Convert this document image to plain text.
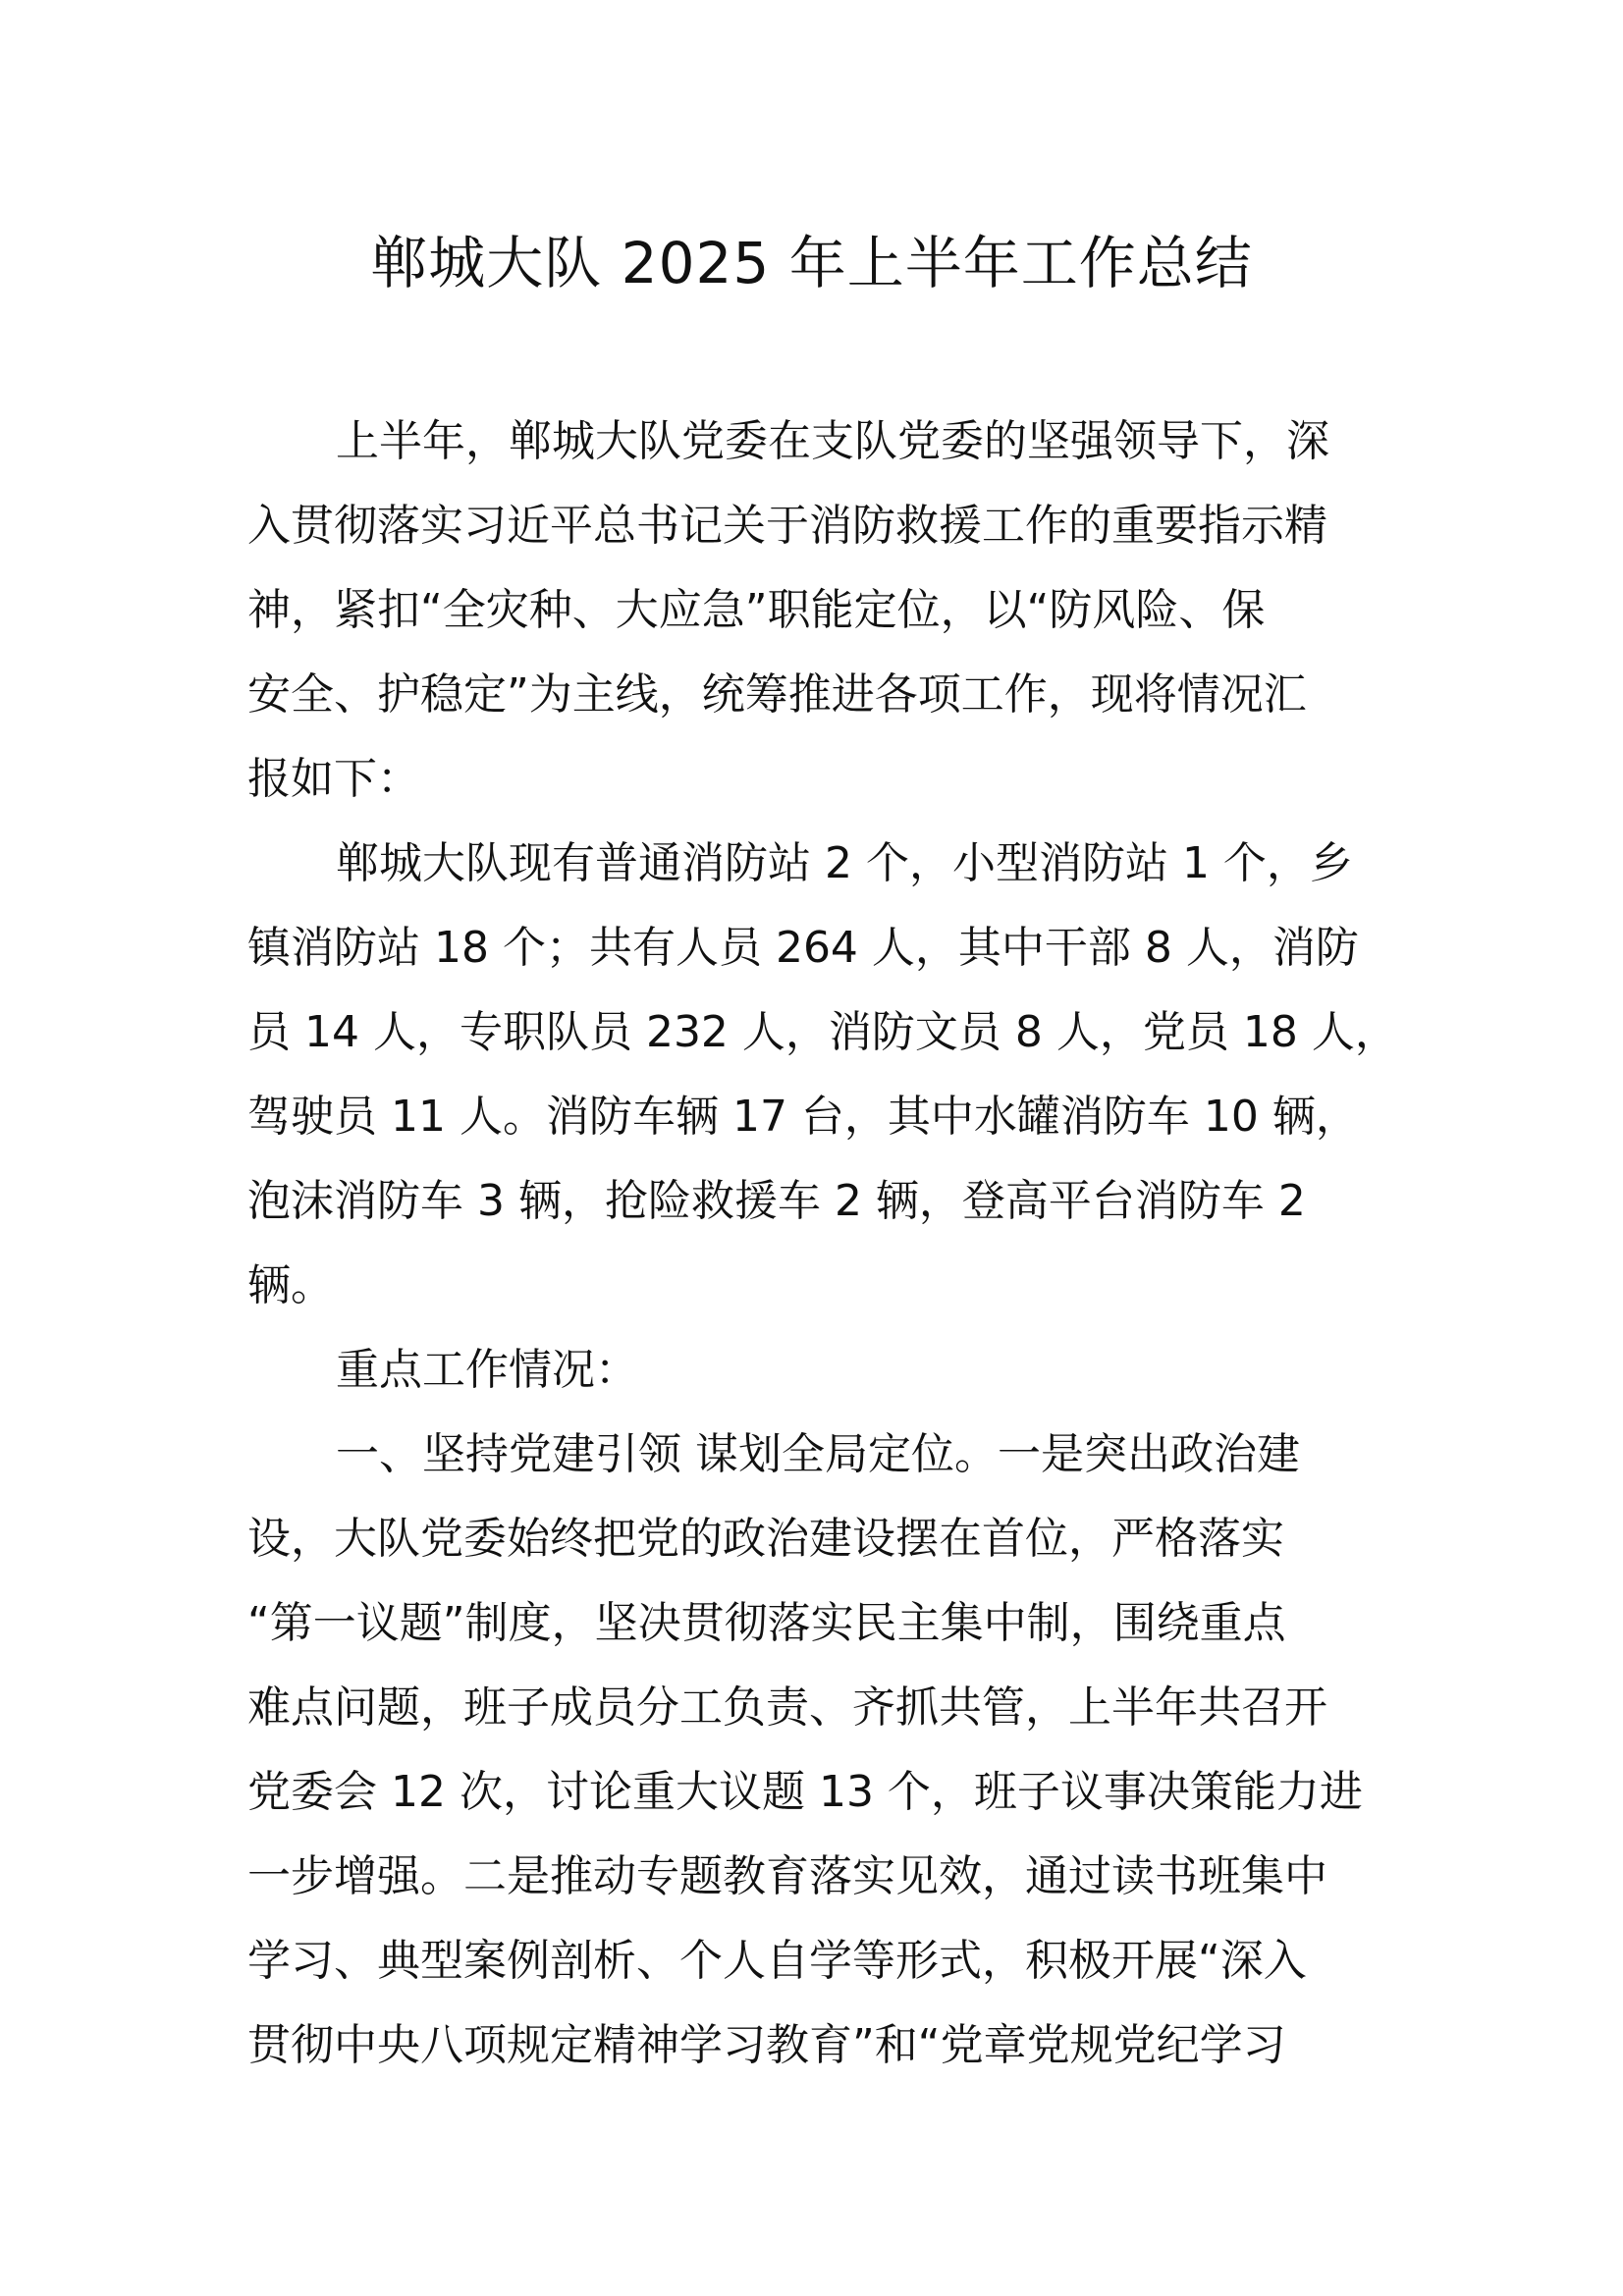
郸城大队 2025 年上半年工作总结

上半年，郸城大队党委在支队党委的坚强领导下，深

入贯彻落实习近平总书记关于消防救援工作的重要指示精

神，紧扣“全灾种、大应急”职能定位，以“防风险、保

安全、护稳定”为主线，统筹推进各项工作，现将情况汇

报如下：

郸城大队现有普通消防站 2 个，小型消防站 1 个，乡

镇消防站 18 个；共有人员 264 人，其中干部 8 人，消防

员 14 人，专职队员 232 人，消防文员 8 人，党员 18 人，

驾驶员 11 人。消防车辆 17 台，其中水罐消防车 10 辆，

泡沫消防车 3 辆，抢险救援车 2 辆，登高平台消防车 2

辆。

重点工作情况：

一、坚持党建引领 谋划全局定位。一是突出政治建

设，大队党委始终把党的政治建设摆在首位，严格落实

“第一议题”制度，坚决贯彻落实民主集中制，围绕重点

难点问题，班子成员分工负责、齐抓共管，上半年共召开

党委会 12 次，讨论重大议题 13 个，班子议事决策能力进

一步增强。二是推动专题教育落实见效，通过读书班集中

学习、典型案例剖析、个人自学等形式，积极开展“深入

贯彻中央八项规定精神学习教育”和“党章党规党纪学习
